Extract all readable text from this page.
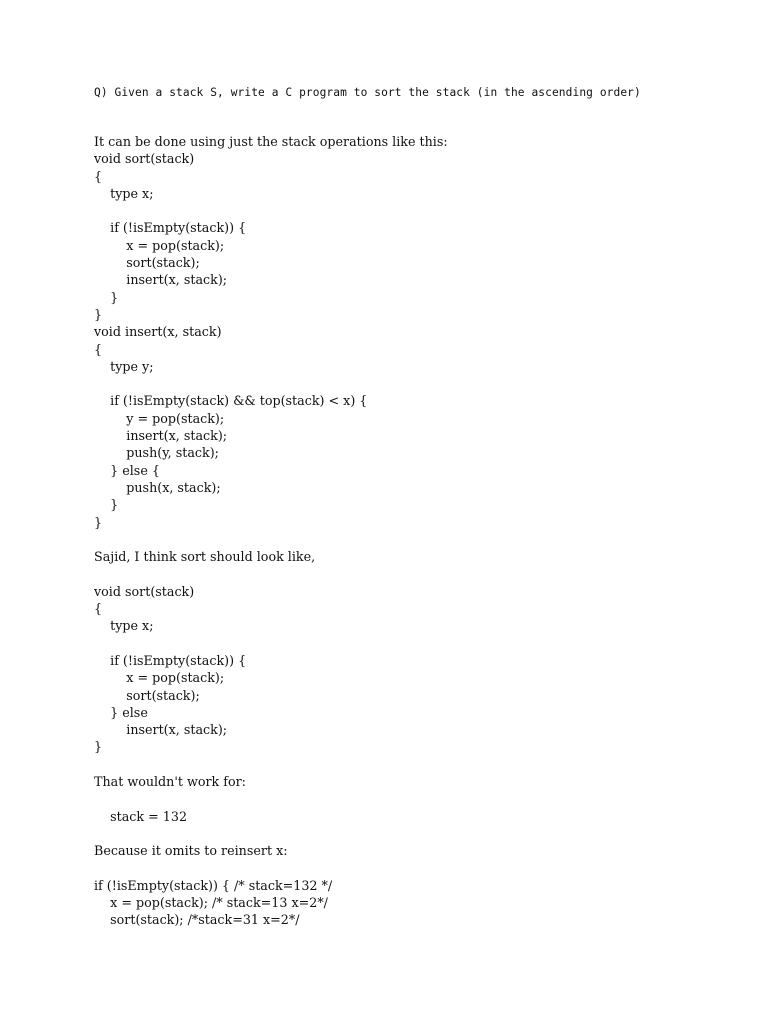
Q) Given a stack S, write a C program to sort the stack (in the ascending order)
It can be done using just the stack operations like this:
void sort(stack)
{
type x;
if (!isEmpty(stack)) {
x = pop(stack);
sort(stack);
insert(x, stack);
}
}
void insert(x, stack)
{
type y;
if (!isEmpty(stack) && top(stack) < x) {
y = pop(stack);
insert(x, stack);
push(y, stack);
} else {
push(x, stack);
}
}
Sajid, I think sort should look like,
void sort(stack)
{
type x;
if (!isEmpty(stack)) {
x = pop(stack);
sort(stack);
} else
insert(x, stack);
}
That wouldn't work for:
stack = 132
Because it omits to reinsert x:
if (!isEmpty(stack)) { /* stack=132 */
x = pop(stack); /* stack=13 x=2*/
sort(stack); /*stack=31 x=2*/
